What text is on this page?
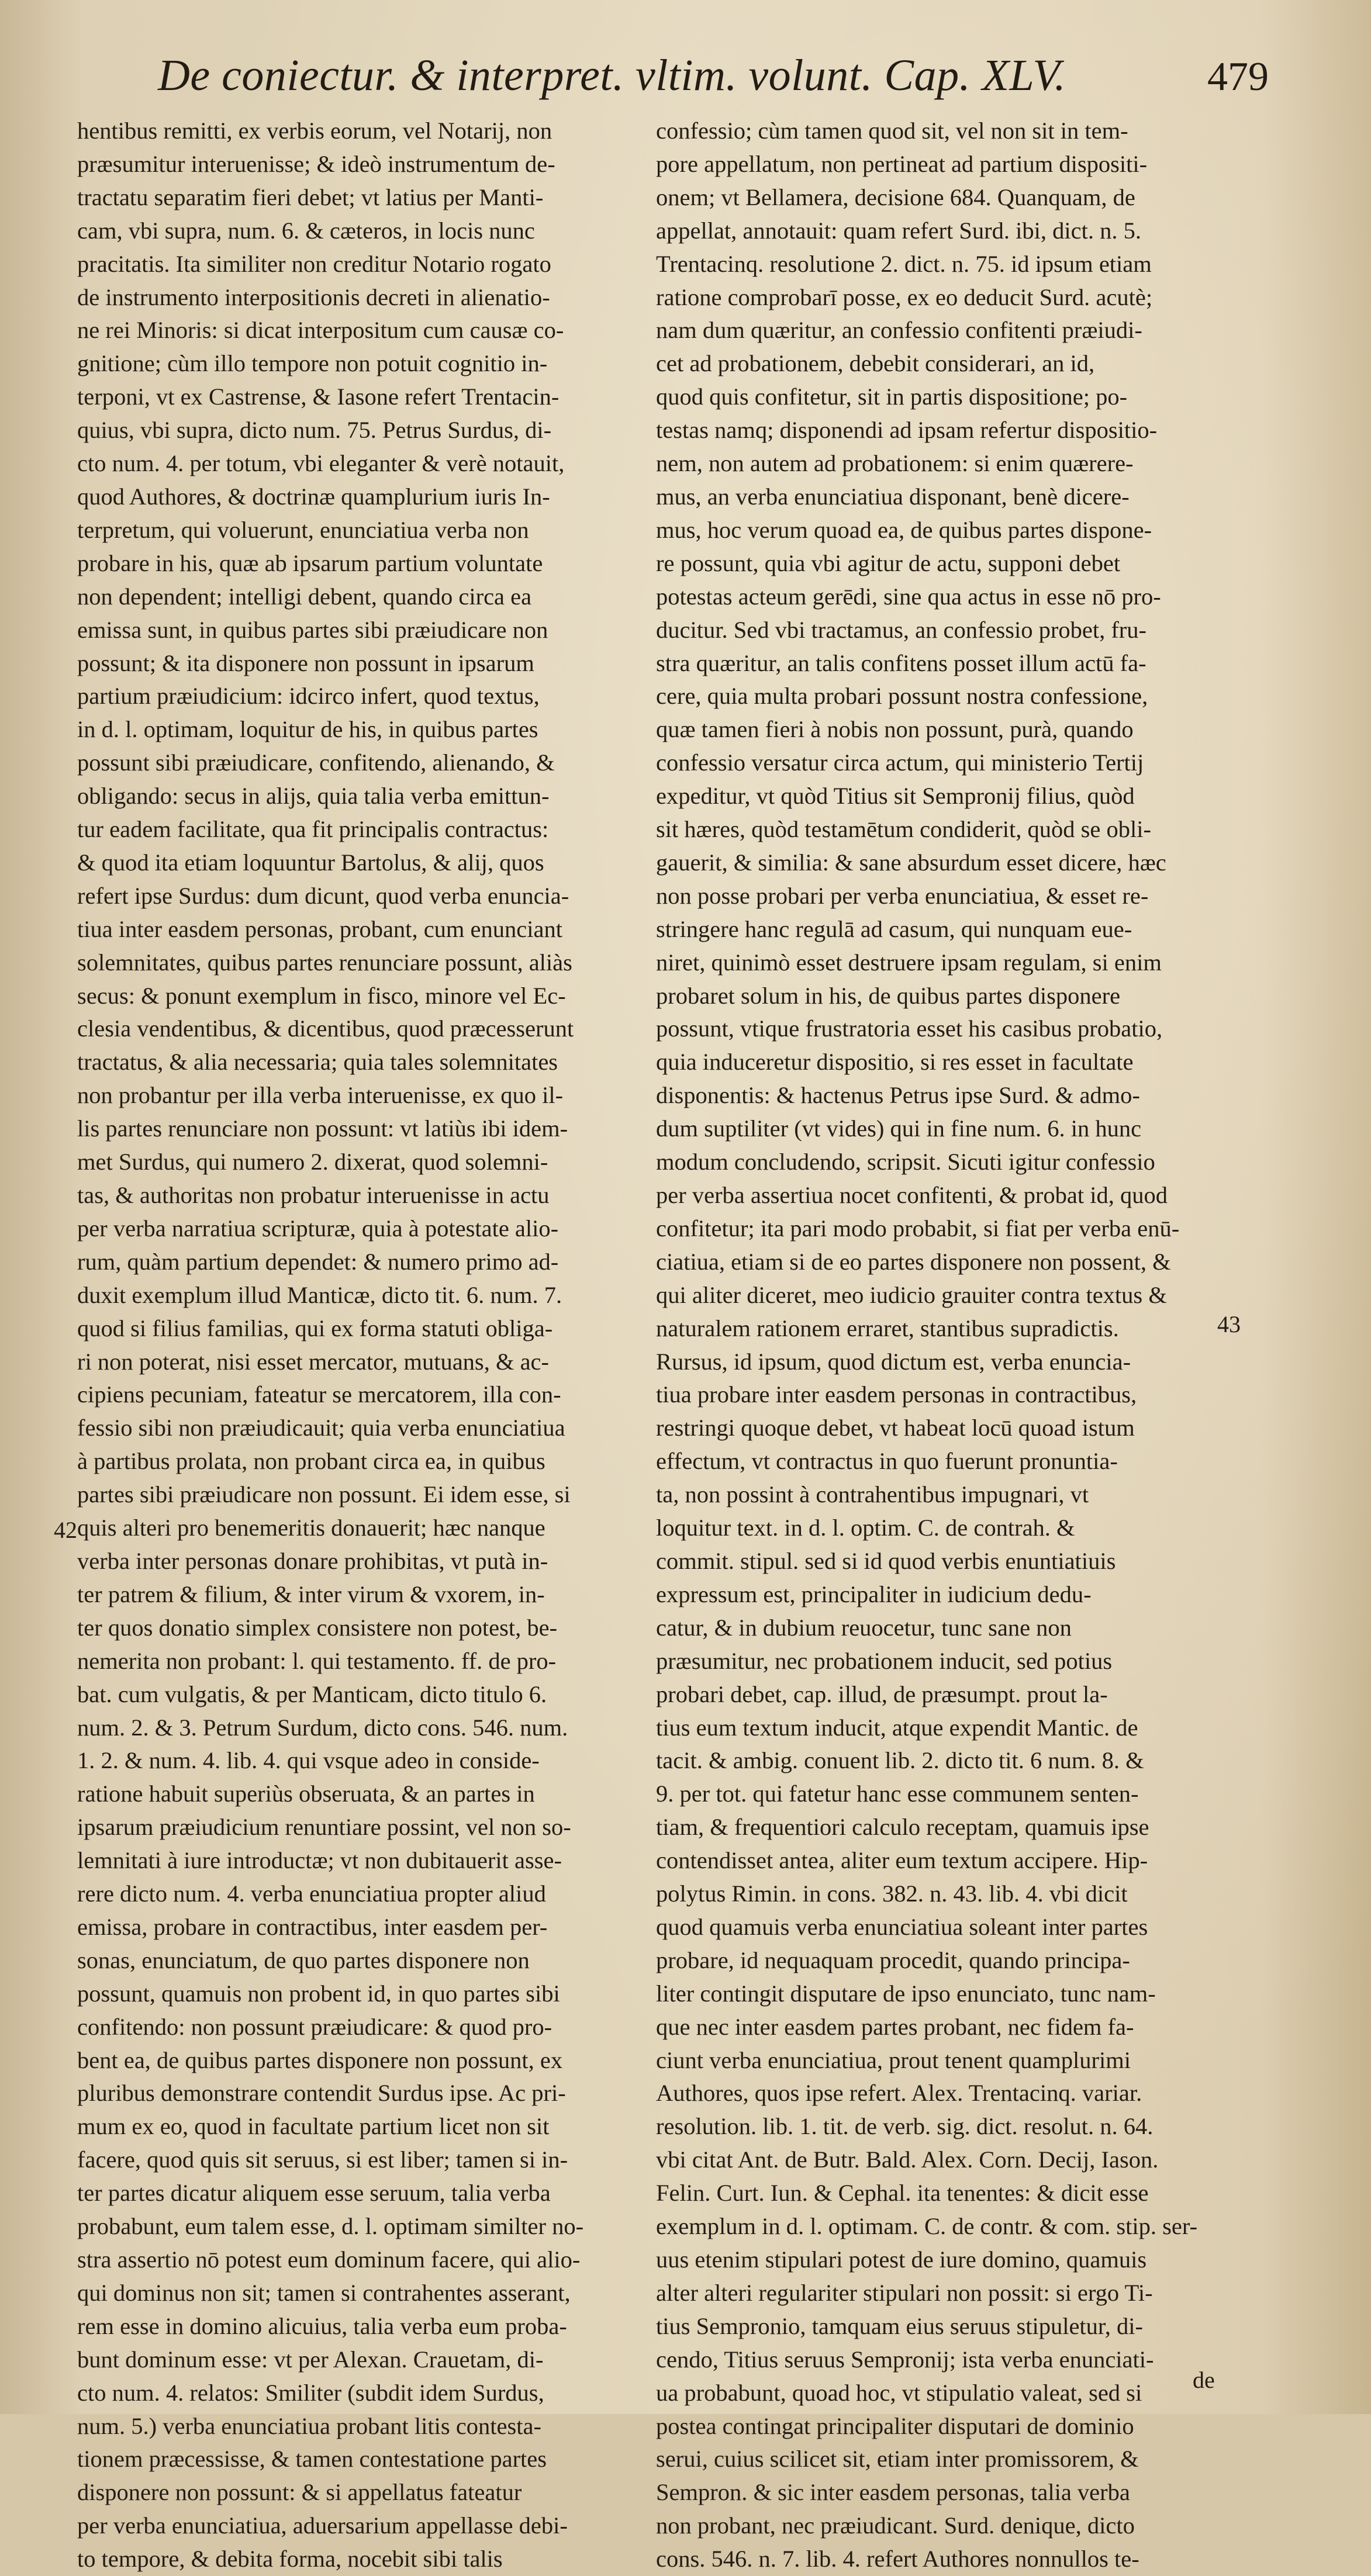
De coniectur. & interpret. vltim. volunt. Cap. XLV.	479
hentibus remitti, ex verbis eorum, vel Notarij, non
præsumitur interuenisse; & ideò instrumentum de-
tractatu separatim fieri debet; vt latius per Manti-
cam, vbi supra, num. 6. & cæteros, in locis nunc
pracitatis. Ita similiter non creditur Notario rogato
de instrumento interpositionis decreti in alienatio-
ne rei Minoris: si dicat interpositum cum causæ co-
gnitione; cùm illo tempore non potuit cognitio in-
terponi, vt ex Castrense, & Iasone refert Trentacin-
quius, vbi supra, dicto num. 75. Petrus Surdus, di-
cto num. 4. per totum, vbi eleganter & verè notauit,
quod Authores, & doctrinæ quamplurium iuris In-
terpretum, qui voluerunt, enunciatiua verba non
probare in his, quæ ab ipsarum partium voluntate
non dependent; intelligi debent, quando circa ea
emissa sunt, in quibus partes sibi præiudicare non
possunt; & ita disponere non possunt in ipsarum
partium præiudicium: idcirco infert, quod textus,
in d. l. optimam, loquitur de his, in quibus partes
possunt sibi præiudicare, confitendo, alienando, &
obligando: secus in alijs, quia talia verba emittun-
tur eadem facilitate, qua fit principalis contractus:
& quod ita etiam loquuntur Bartolus, & alij, quos
refert ipse Surdus: dum dicunt, quod verba enuncia-
tiua inter easdem personas, probant, cum enunciant
solemnitates, quibus partes renunciare possunt, aliàs
secus: & ponunt exemplum in fisco, minore vel Ec-
clesia vendentibus, & dicentibus, quod præcesserunt
tractatus, & alia necessaria; quia tales solemnitates
non probantur per illa verba interuenisse, ex quo il-
lis partes renunciare non possunt: vt latiùs ibi idem-
met Surdus, qui numero 2. dixerat, quod solemni-
tas, & authoritas non probatur interuenisse in actu
per verba narratiua scripturæ, quia à potestate alio-
rum, quàm partium dependet: & numero primo ad-
duxit exemplum illud Manticæ, dicto tit. 6. num. 7.
quod si filius familias, qui ex forma statuti obliga-
ri non poterat, nisi esset mercator, mutuans, & ac-
cipiens pecuniam, fateatur se mercatorem, illa con-
fessio sibi non præiudicauit; quia verba enunciatiua
à partibus prolata, non probant circa ea, in quibus
partes sibi præiudicare non possunt. Ei idem esse, si
quis alteri pro benemeritis donauerit; hæc nanque
verba inter personas donare prohibitas, vt putà in-
ter patrem & filium, & inter virum & vxorem, in-
ter quos donatio simplex consistere non potest, be-
nemerita non probant: l. qui testamento. ff. de pro-
bat. cum vulgatis, & per Manticam, dicto titulo 6.
num. 2. & 3. Petrum Surdum, dicto cons. 546. num.
1. 2. & num. 4. lib. 4. qui vsque adeo in conside-
ratione habuit superiùs obseruata, & an partes in
ipsarum præiudicium renuntiare possint, vel non so-
lemnitati à iure introductæ; vt non dubitauerit asse-
rere dicto num. 4. verba enunciatiua propter aliud
emissa, probare in contractibus, inter easdem per-
sonas, enunciatum, de quo partes disponere non
possunt, quamuis non probent id, in quo partes sibi
confitendo: non possunt præiudicare: & quod pro-
bent ea, de quibus partes disponere non possunt, ex
pluribus demonstrare contendit Surdus ipse. Ac pri-
mum ex eo, quod in facultate partium licet non sit
facere, quod quis sit seruus, si est liber; tamen si in-
ter partes dicatur aliquem esse seruum, talia verba
probabunt, eum talem esse, d. l. optimam similter no-
stra assertio nō potest eum dominum facere, qui alio-
qui dominus non sit; tamen si contrahentes asserant,
rem esse in domino alicuius, talia verba eum proba-
bunt dominum esse: vt per Alexan. Crauetam, di-
cto num. 4. relatos: Smiliter (subdit idem Surdus,
num. 5.) verba enunciatiua probant litis contesta-
tionem præcessisse, & tamen contestatione partes
disponere non possunt: & si appellatus fateatur
per verba enunciatiua, aduersarium appellasse debi-
to tempore, & debita forma, nocebit sibi talis
confessio; cùm tamen quod sit, vel non sit in tem-
pore appellatum, non pertineat ad partium dispositi-
onem; vt Bellamera, decisione 684. Quanquam, de
appellat, annotauit: quam refert Surd. ibi, dict. n. 5.
Trentacinq. resolutione 2. dict. n. 75. id ipsum etiam
ratione comprobarī posse, ex eo deducit Surd. acutè;
nam dum quæritur, an confessio confitenti præiudi-
cet ad probationem, debebit considerari, an id,
quod quis confitetur, sit in partis dispositione; po-
testas namq; disponendi ad ipsam refertur dispositio-
nem, non autem ad probationem: si enim quærere-
mus, an verba enunciatiua disponant, benè dicere-
mus, hoc verum quoad ea, de quibus partes dispone-
re possunt, quia vbi agitur de actu, supponi debet
potestas acteum gerēdi, sine qua actus in esse nō pro-
ducitur. Sed vbi tractamus, an confessio probet, fru-
stra quæritur, an talis confitens posset illum actū fa-
cere, quia multa probari possunt nostra confessione,
quæ tamen fieri à nobis non possunt, purà, quando
confessio versatur circa actum, qui ministerio Tertij
expeditur, vt quòd Titius sit Sempronij filius, quòd
sit hæres, quòd testamētum condiderit, quòd se obli-
gauerit, & similia: & sane absurdum esset dicere, hæc
non posse probari per verba enunciatiua, & esset re-
stringere hanc regulā ad casum, qui nunquam eue-
niret, quinimò esset destruere ipsam regulam, si enim
probaret solum in his, de quibus partes disponere
possunt, vtique frustratoria esset his casibus probatio,
quia induceretur dispositio, si res esset in facultate
disponentis: & hactenus Petrus ipse Surd. & admo-
dum suptiliter (vt vides) qui in fine num. 6. in hunc
modum concludendo, scripsit. Sicuti igitur confessio
per verba assertiua nocet confitenti, & probat id, quod
confitetur; ita pari modo probabit, si fiat per verba enū-
ciatiua, etiam si de eo partes disponere non possent, &
qui aliter diceret, meo iudicio grauiter contra textus &
naturalem rationem erraret, stantibus supradictis.
Rursus, id ipsum, quod dictum est, verba enuncia-
tiua probare inter easdem personas in contractibus,
restringi quoque debet, vt habeat locū quoad istum
effectum, vt contractus in quo fuerunt pronuntia-
ta, non possint à contrahentibus impugnari, vt
loquitur text. in d. l. optim. C. de contrah. &
commit. stipul. sed si id quod verbis enuntiatiuis
expressum est, principaliter in iudicium dedu-
catur, & in dubium reuocetur, tunc sane non
præsumitur, nec probationem inducit, sed potius
probari debet, cap. illud, de præsumpt. prout la-
tius eum textum inducit, atque expendit Mantic. de
tacit. & ambig. conuent lib. 2. dicto tit. 6 num. 8. &
9. per tot. qui fatetur hanc esse communem senten-
tiam, & frequentiori calculo receptam, quamuis ipse
contendisset antea, aliter eum textum accipere. Hip-
polytus Rimin. in cons. 382. n. 43. lib. 4. vbi dicit
quod quamuis verba enunciatiua soleant inter partes
probare, id nequaquam procedit, quando principa-
liter contingit disputare de ipso enunciato, tunc nam-
que nec inter easdem partes probant, nec fidem fa-
ciunt verba enunciatiua, prout tenent quamplurimi
Authores, quos ipse refert. Alex. Trentacinq. variar.
resolution. lib. 1. tit. de verb. sig. dict. resolut. n. 64.
vbi citat Ant. de Butr. Bald. Alex. Corn. Decij, Iason.
Felin. Curt. Iun. & Cephal. ita tenentes: & dicit esse
exemplum in d. l. optimam. C. de contr. & com. stip. ser-
uus etenim stipulari potest de iure domino, quamuis
alter alteri regulariter stipulari non possit: si ergo Ti-
tius Sempronio, tamquam eius seruus stipuletur, di-
cendo, Titius seruus Sempronij; ista verba enunciati-
ua probabunt, quoad hoc, vt stipulatio valeat, sed si
postea contingat principaliter disputari de dominio
serui, cuius scilicet sit, etiam inter promissorem, &
Sempron. & sic inter easdem personas, talia verba
non probant, nec præiudicant. Surd. denique, dicto
cons. 546. n. 7. lib. 4. refert Authores nonnullos te-
43
42
de
